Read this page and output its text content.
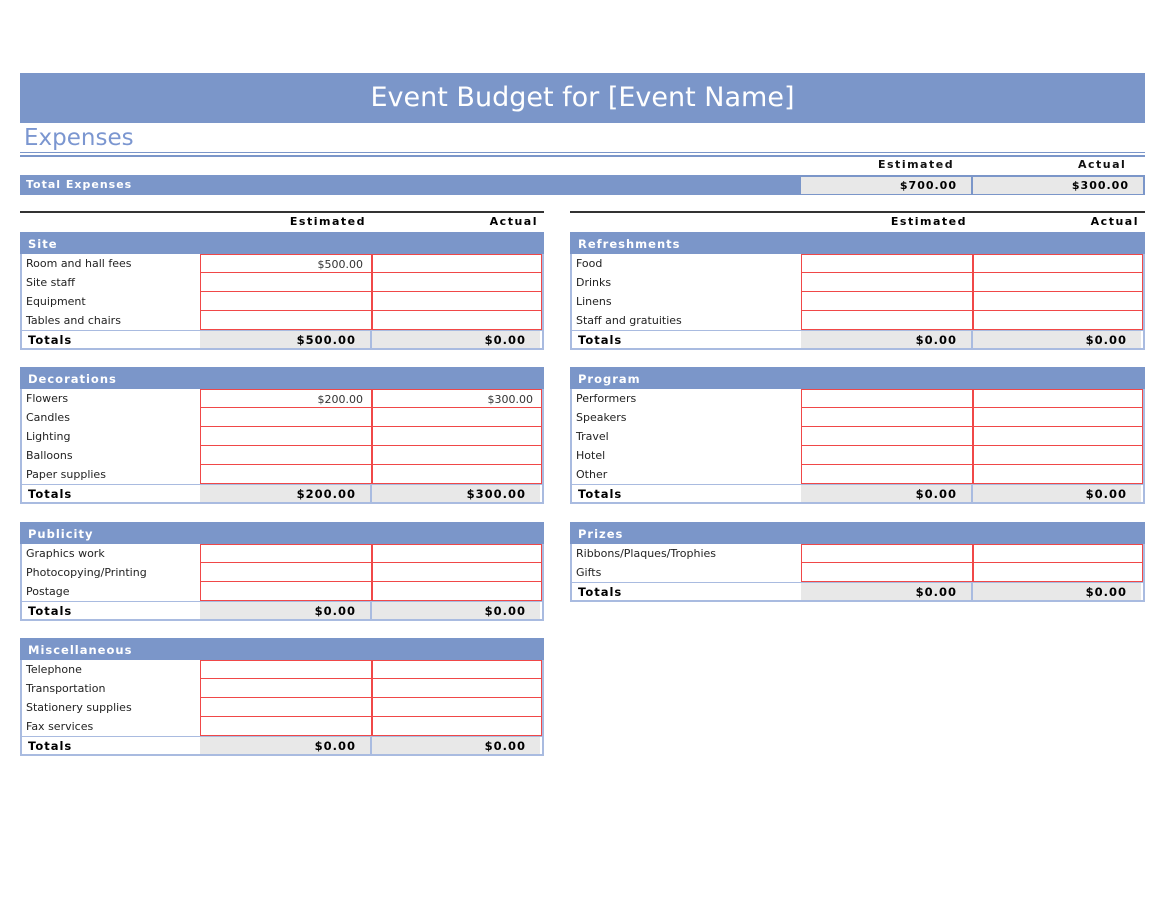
Event Budget for [Event Name]
Expenses
Estimated	Actual
Total Expenses	$700.00	$300.00
Estimated	Actual
Site
Room and hall fees	$500.00
Site staff
Equipment
Tables and chairs
Totals	$500.00	$0.00
Decorations
Flowers	$200.00	$300.00
Candles
Lighting
Balloons
Paper supplies
Totals	$200.00	$300.00
Publicity
Graphics work
Photocopying/Printing
Postage
Totals	$0.00	$0.00
Miscellaneous
Telephone
Transportation
Stationery supplies
Fax services
Totals	$0.00	$0.00
Estimated	Actual
Refreshments
Food
Drinks
Linens
Staff and gratuities
Totals	$0.00	$0.00
Program
Performers
Speakers
Travel
Hotel
Other
Totals	$0.00	$0.00
Prizes
Ribbons/Plaques/Trophies
Gifts
Totals	$0.00	$0.00
